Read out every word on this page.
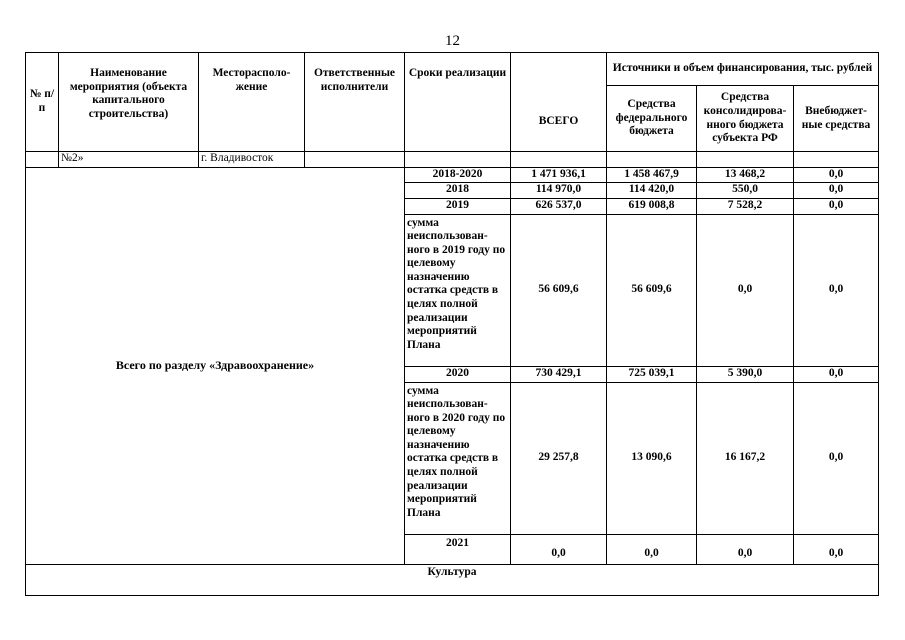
12
№ п/п	Наименование мероприятия (объекта капитального строительства)	Месторасполо-жение	Ответственные исполнители	Сроки реализации	ВСЕГО	Источники и объем финансирования, тыс. рублей		
						Средства федерального бюджета	Средства консолидирова-нного бюджета субъекта РФ	Внебюджет-ные средства
	№2»	г. Владивосток						
Всего по разделу «Здравоохранение»				2018-2020	1 471 936,1	1 458 467,9	13 468,2	0,0
				2018	114 970,0	114 420,0	550,0	0,0
				2019	626 537,0	619 008,8	7 528,2	0,0
				сумма неиспользован-ного в 2019 году по целевому назначению остатка средств в целях полной реализации мероприятий Плана	56 609,6	56 609,6	0,0	0,0
				2020	730 429,1	725 039,1	5 390,0	0,0
				сумма неиспользован-ного в 2020 году по целевому назначению остатка средств в целях полной реализации мероприятий Плана	29 257,8	13 090,6	16 167,2	0,0
				2021	0,0	0,0	0,0	0,0
Культура								
